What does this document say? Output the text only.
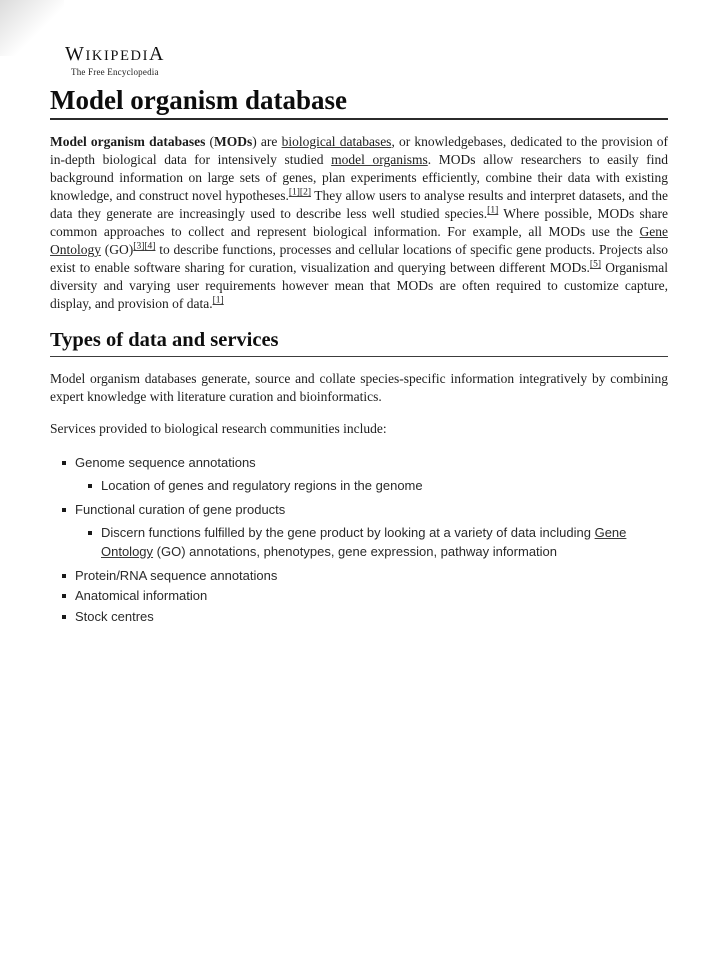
WIKIPEDIA
The Free Encyclopedia
Model organism database

Model organism databases (MODs) are biological databases, or knowledgebases, dedicated to the provision of in-depth biological data for intensively studied model organisms. MODs allow researchers to easily find background information on large sets of genes, plan experiments efficiently, combine their data with existing knowledge, and construct novel hypotheses.[1][2] They allow users to analyse results and interpret datasets, and the data they generate are increasingly used to describe less well studied species.[1] Where possible, MODs share common approaches to collect and represent biological information. For example, all MODs use the Gene Ontology (GO)[3][4] to describe functions, processes and cellular locations of specific gene products. Projects also exist to enable software sharing for curation, visualization and querying between different MODs.[5] Organismal diversity and varying user requirements however mean that MODs are often required to customize capture, display, and provision of data.[1]

Types of data and services

Model organism databases generate, source and collate species-specific information integratively by combining expert knowledge with literature curation and bioinformatics.

Services provided to biological research communities include:

Genome sequence annotations
Location of genes and regulatory regions in the genome
Functional curation of gene products
Discern functions fulfilled by the gene product by looking at a variety of data including Gene Ontology (GO) annotations, phenotypes, gene expression, pathway information
Protein/RNA sequence annotations
Anatomical information
Stock centres
